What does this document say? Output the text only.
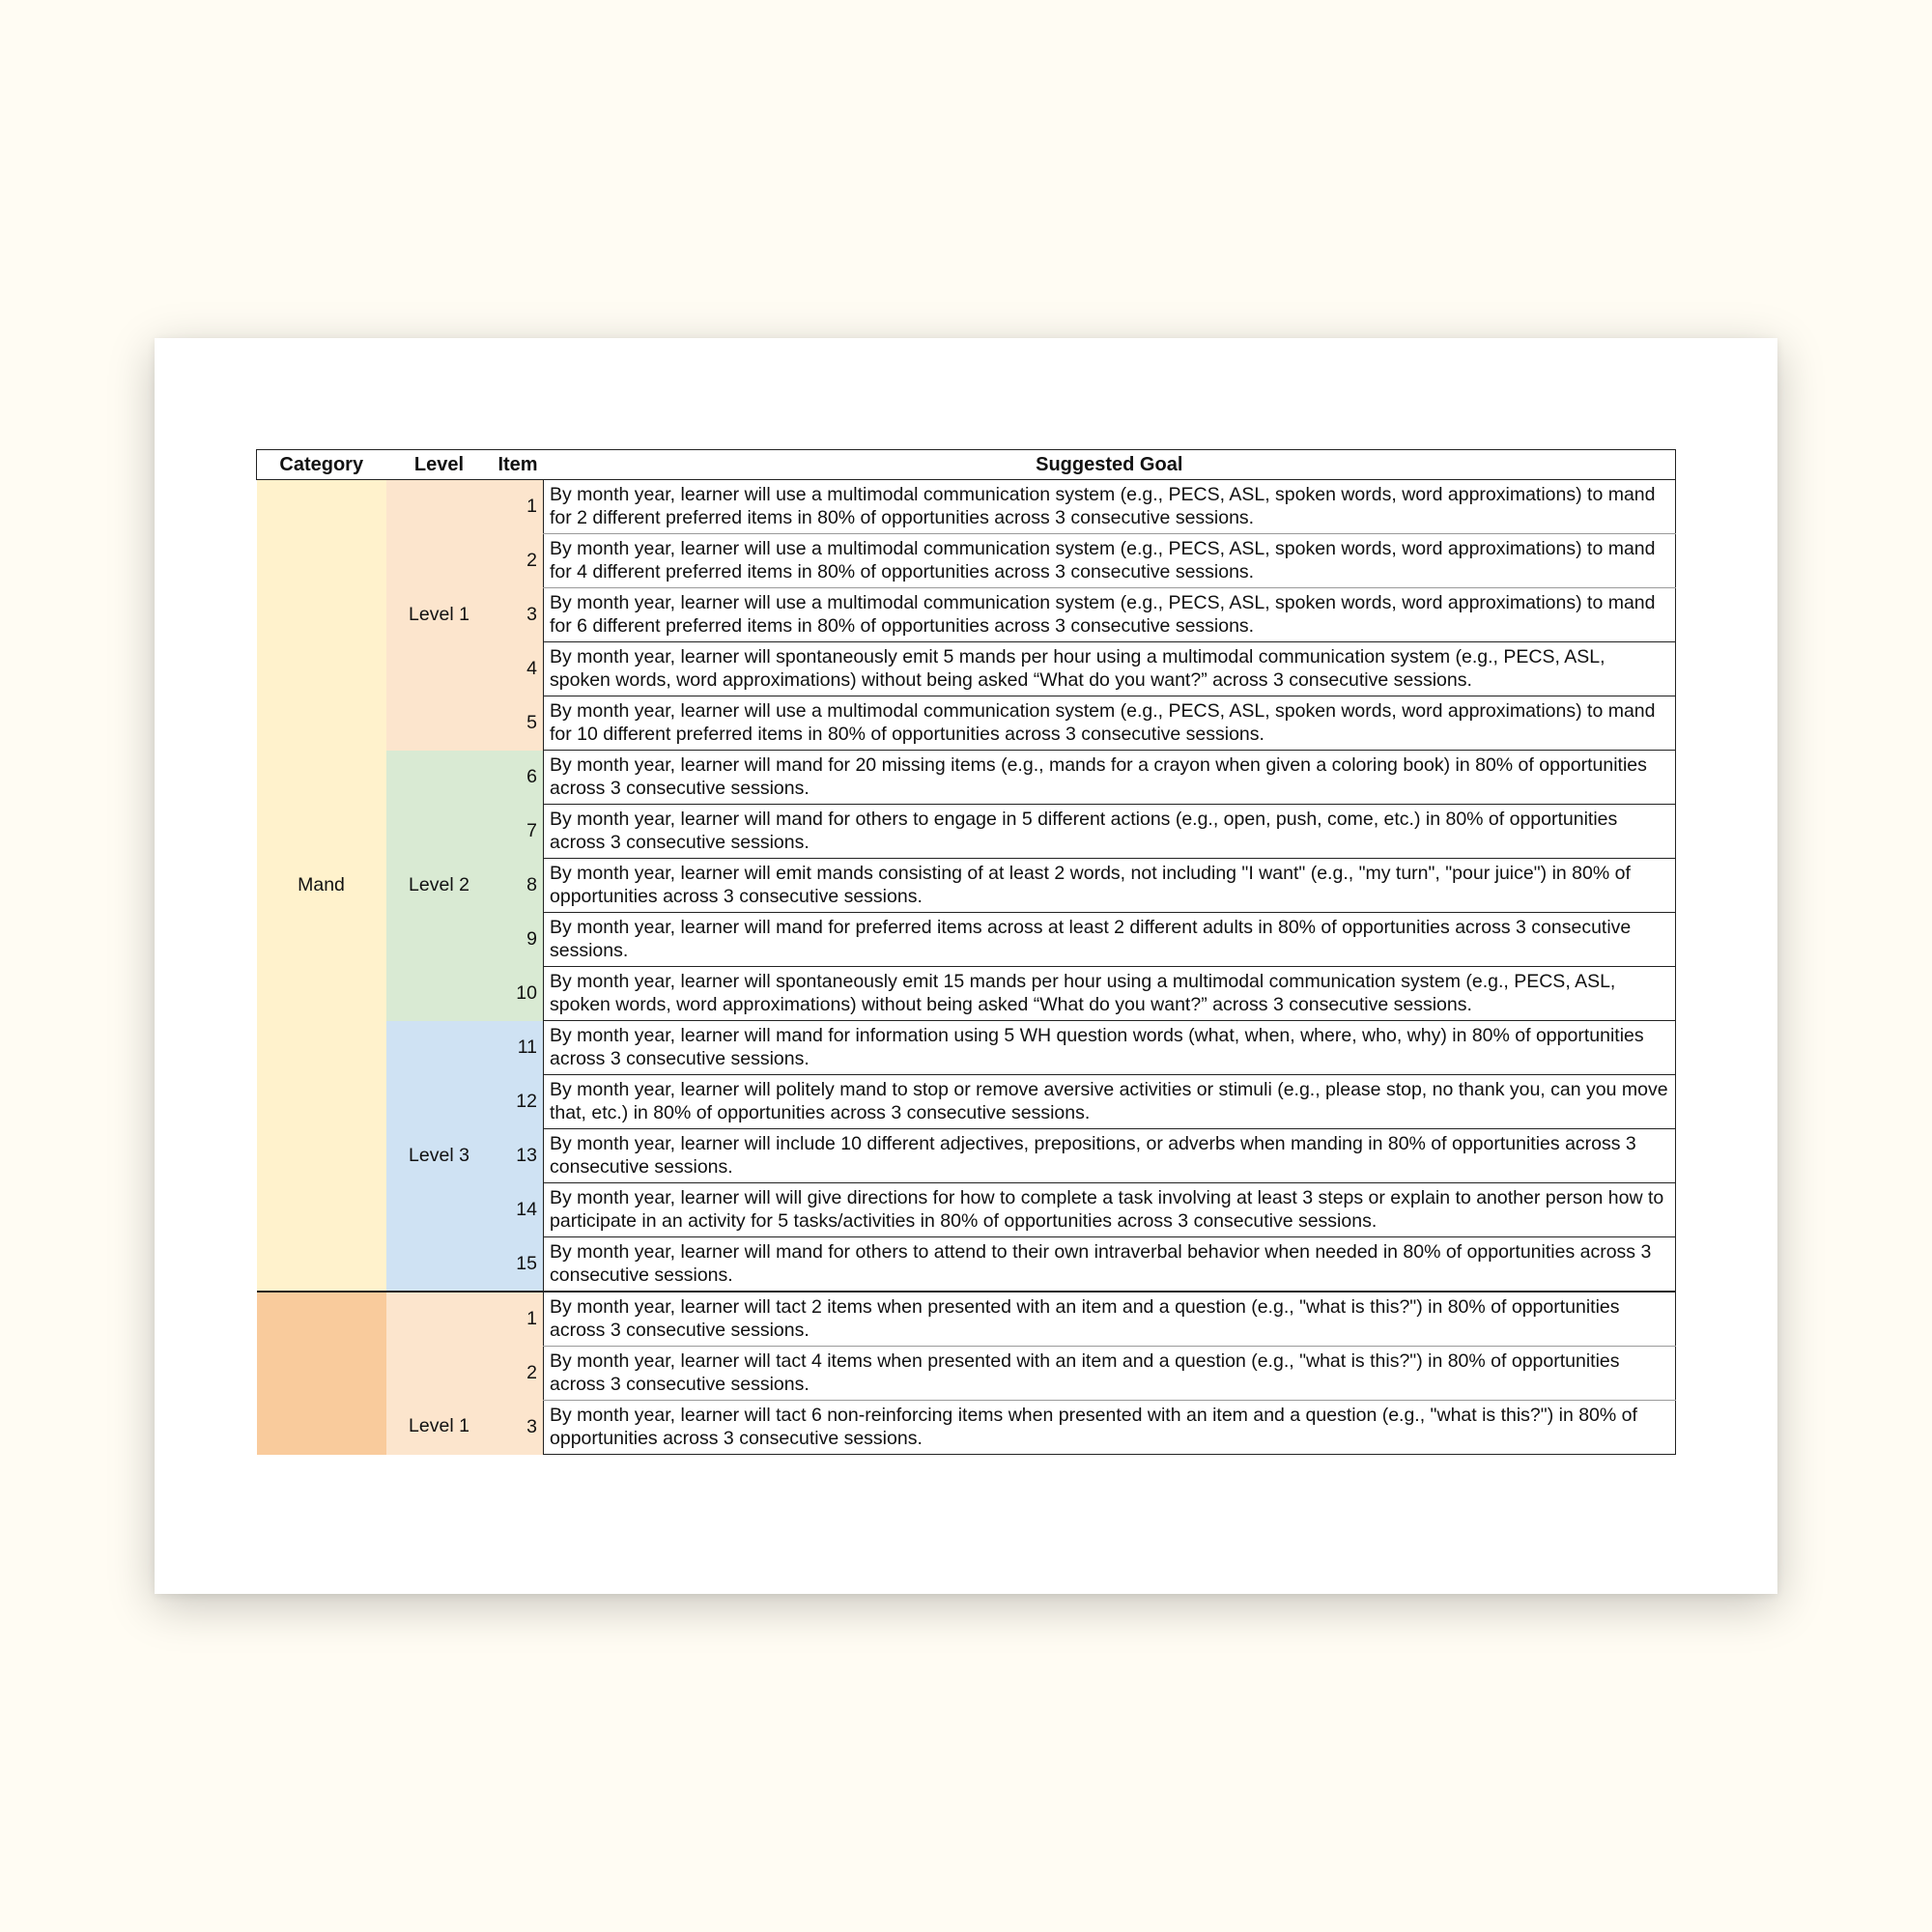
Category	Level	Item	Suggested Goal
Mand	Level 1	1	By month year, learner will use a multimodal communication system (e.g., PECS, ASL, spoken words, word approximations) to mand for 2 different preferred items in 80% of opportunities across 3 consecutive sessions.
		2	By month year, learner will use a multimodal communication system (e.g., PECS, ASL, spoken words, word approximations) to mand for 4 different preferred items in 80% of opportunities across 3 consecutive sessions.
		3	By month year, learner will use a multimodal communication system (e.g., PECS, ASL, spoken words, word approximations) to mand for 6 different preferred items in 80% of opportunities across 3 consecutive sessions.
		4	By month year, learner will spontaneously emit 5 mands per hour using a multimodal communication system (e.g., PECS, ASL, spoken words, word approximations) without being asked “What do you want?” across 3 consecutive sessions.
		5	By month year, learner will use a multimodal communication system (e.g., PECS, ASL, spoken words, word approximations) to mand for 10 different preferred items in 80% of opportunities across 3 consecutive sessions.
	Level 2	6	By month year, learner will mand for 20 missing items (e.g., mands for a crayon when given a coloring book) in 80% of opportunities across 3 consecutive sessions.
		7	By month year, learner will mand for others to engage in 5 different actions (e.g., open, push, come, etc.) in 80% of opportunities across 3 consecutive sessions.
		8	By month year, learner will emit mands consisting of at least 2 words, not including "I want" (e.g., "my turn", "pour juice") in 80% of opportunities across 3 consecutive sessions.
		9	By month year, learner will mand for preferred items across at least 2 different adults in 80% of opportunities across 3 consecutive sessions.
		10	By month year, learner will spontaneously emit 15 mands per hour using a multimodal communication system (e.g., PECS, ASL, spoken words, word approximations) without being asked “What do you want?” across 3 consecutive sessions.
	Level 3	11	By month year, learner will mand for information using 5 WH question words (what, when, where, who, why) in 80% of opportunities across 3 consecutive sessions.
		12	By month year, learner will politely mand to stop or remove aversive activities or stimuli (e.g., please stop, no thank you, can you move that, etc.) in 80% of opportunities across 3 consecutive sessions.
		13	By month year, learner will include 10 different adjectives, prepositions, or adverbs when manding in 80% of opportunities across 3 consecutive sessions.
		14	By month year, learner will will give directions for how to complete a task involving at least 3 steps or explain to another person how to participate in an activity for 5 tasks/activities in 80% of opportunities across 3 consecutive sessions.
		15	By month year, learner will mand for others to attend to their own intraverbal behavior when needed in 80% of opportunities across 3 consecutive sessions.
	Level 1	1	By month year, learner will tact 2 items when presented with an item and a question (e.g., "what is this?") in 80% of opportunities across 3 consecutive sessions.
		2	By month year, learner will tact 4 items when presented with an item and a question (e.g., "what is this?") in 80% of opportunities across 3 consecutive sessions.
		3	By month year, learner will tact 6 non-reinforcing items when presented with an item and a question (e.g., "what is this?") in 80% of opportunities across 3 consecutive sessions.
